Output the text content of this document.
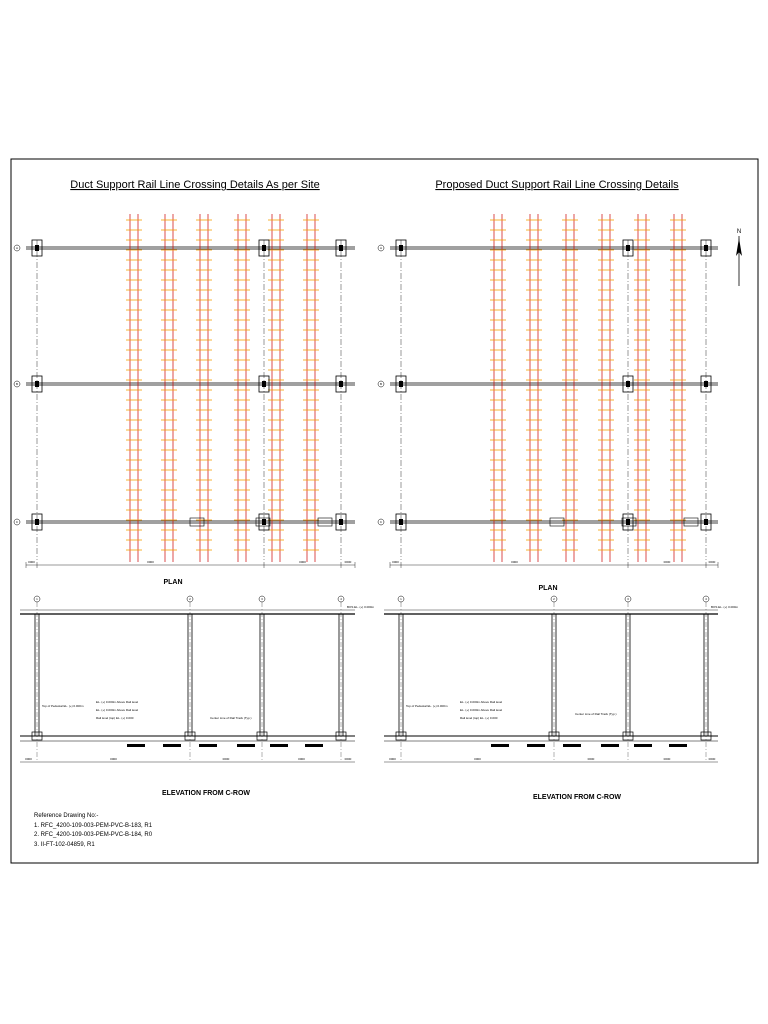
Duct Support Rail Line Crossing Details As per Site
A
B
C
0000	0000	0000	0000
PLAN
1	2	3	4
0000	0000	0000	0000	0000
ELEVATION FROM C-ROW
Top of Pedestal EL. (+) 0.000m
EL. (+) 0.000m Above Rail level
EL. (+) 0.000m Above Rail level
Rail level (top) EL. (+) 0.000	Center Line of Rail Track (Typ.)
BOS EL. (+) 0.000m
Proposed Duct Support Rail Line Crossing Details
A
B
C
0000	0000	0000	0000
PLAN
1	2	3	4
0000	0000	0000	0000	0000
ELEVATION FROM C-ROW
Top of Pedestal EL. (+) 0.000m
EL. (+) 0.000m Above Rail level
EL. (+) 0.000m Above Rail level
Rail level (top) EL. (+) 0.000
Center Line of Rail Track (Typ.)
BOS EL. (+) 0.000m
N
Reference Drawing No:-
1. RFC_4200-109-003-PEM-PVC-B-183, R1
2. RFC_4200-109-003-PEM-PVC-B-184, R0
3. II-FT-102-04859, R1
